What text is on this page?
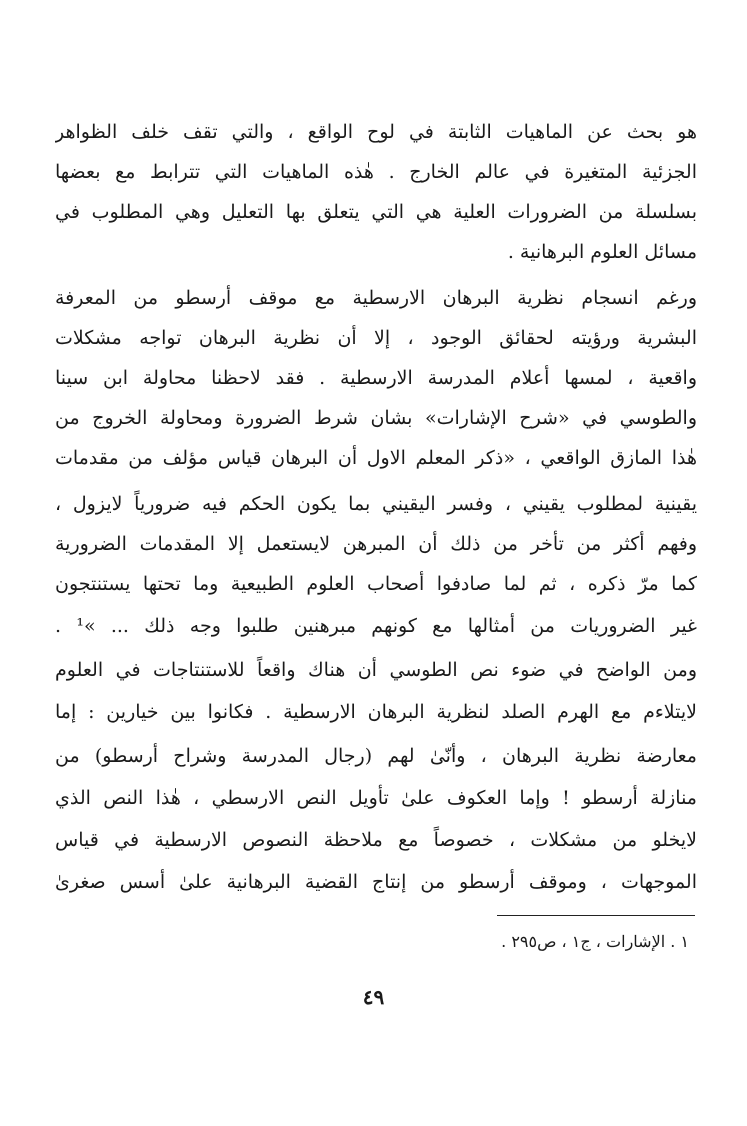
هو بحث عن الماهيات الثابتة في لوح الواقع ، والتي تقف خلف الظواهر
الجزئية المتغيرة في عالم الخارج . هٰذه الماهيات التي تترابط مع بعضها
بسلسلة من الضرورات العلية هي التي يتعلق بها التعليل وهي المطلوب في
مسائل العلوم البرهانية .
ورغم انسجام نظرية البرهان الارسطية مع موقف أرسطو من المعرفة
البشرية ورؤيته لحقائق الوجود ، إلا أن نظرية البرهان تواجه مشكلات
واقعية ، لمسها أعلام المدرسة الارسطية . فقد لاحظنا محاولة ابن سينا
والطوسي في «شرح الإشارات» بشان شرط الضرورة ومحاولة الخروج من
هٰذا المازق الواقعي ، «ذكر المعلم الاول أن البرهان قياس مؤلف من مقدمات
يقينية لمطلوب يقيني ، وفسر اليقيني بما يكون الحكم فيه ضرورياً لايزول ،
وفهم أكثر من تأخر من ذلك أن المبرهن لايستعمل إلا المقدمات الضرورية
كما مرّ ذكره ، ثم لما صادفوا أصحاب العلوم الطبيعية وما تحتها يستنتجون
غير الضروريات من أمثالها مع كونهم مبرهنين طلبوا وجه ذلك ... »¹ .
ومن الواضح في ضوء نص الطوسي أن هناك واقعاً للاستنتاجات في العلوم
لايتلاءم مع الهرم الصلد لنظرية البرهان الارسطية . فكانوا بين خيارين : إما
معارضة نظرية البرهان ، وأنّىٰ لهم (رجال المدرسة وشراح أرسطو) من
منازلة أرسطو ! وإما العكوف علىٰ تأويل النص الارسطي ، هٰذا النص الذي
لايخلو من مشكلات ، خصوصاً مع ملاحظة النصوص الارسطية في قياس
الموجهات ، وموقف أرسطو من إنتاج القضية البرهانية علىٰ أسس صغرىٰ
١ . الإشارات ، ج١ ، ص٢٩٥ .
٤٩
